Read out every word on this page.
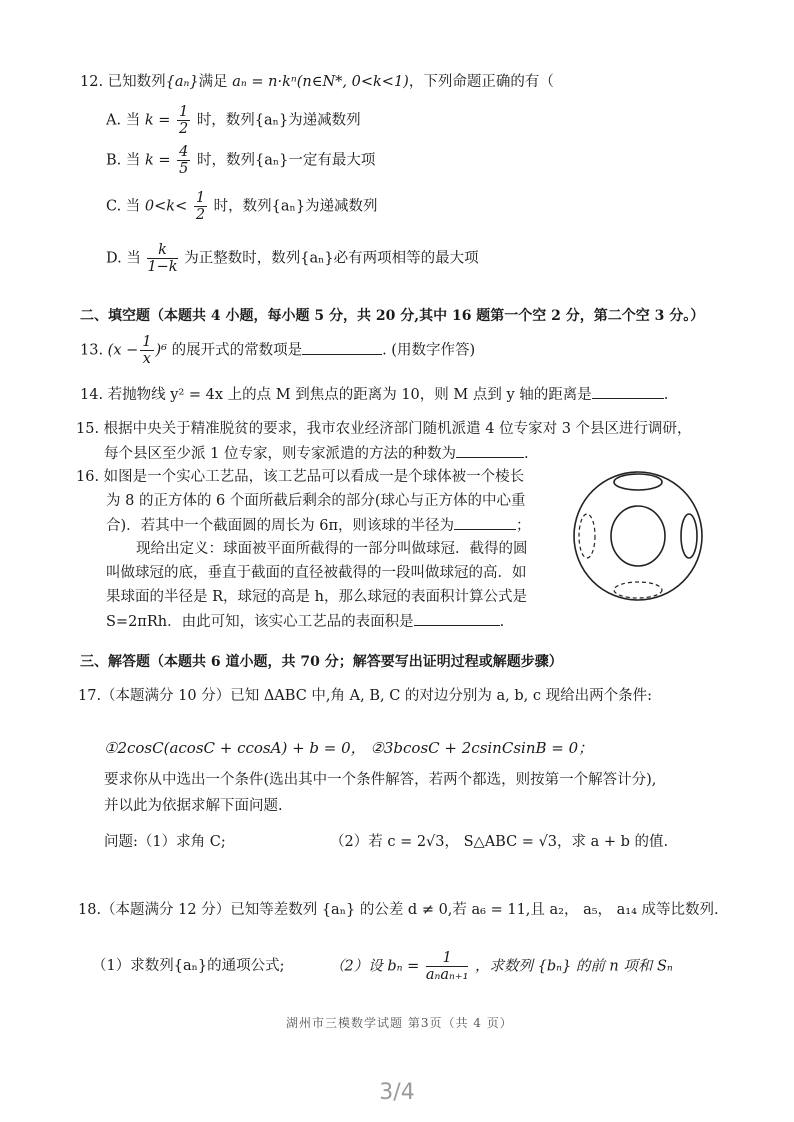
12. 已知数列{aₙ}满足 aₙ = n·kⁿ(n∈N*, 0<k<1)，下列命题正确的有（
A. 当 $k = \frac{1}{2}$ 时，数列{aₙ}为递减数列
B. 当 $k = \frac{4}{5}$ 时，数列{aₙ}一定有最大项
C. 当 $0<k< \frac{1}{2}$ 时，数列{aₙ}为递减数列
D. 当 $\frac{k}{1-k}$ 为正整数时，数列{aₙ}必有两项相等的最大项
二、填空题（本题共 4 小题，每小题 5 分，共 20 分,其中 16 题第一个空 2 分，第二个空 3 分。）
13. $(x - \frac{1}{x} )^6$ 的展开式的常数项是	. (用数字作答)
14. 若抛物线 y² = 4x 上的点 M 到焦点的距离为 10，则 M 点到 y 轴的距离是	.
15. 根据中央关于精准脱贫的要求，我市农业经济部门随机派遣 4 位专家对 3 个县区进行调研，
每个县区至少派 1 位专家，则专家派遣的方法的种数为	.
16. 如图是一个实心工艺品，该工艺品可以看成一是个球体被一个棱长
为 8 的正方体的 6 个面所截后剩余的部分(球心与正方体的中心重
合)．若其中一个截面圆的周长为 6π，则该球的半径为	；
现给出定义：球面被平面所截得的一部分叫做球冠．截得的圆
叫做球冠的底，垂直于截面的直径被截得的一段叫做球冠的高．如
果球面的半径是 R，球冠的高是 h，那么球冠的表面积计算公式是
S=2πRh．由此可知，该实心工艺品的表面积是	.
三、解答题（本题共 6 道小题，共 70 分；解答要写出证明过程或解题步骤）
17.（本题满分 10 分）已知 ΔABC 中,角 A, B, C 的对边分别为 a, b, c 现给出两个条件:
①2cosC(acosC + ccosA) + b = 0， ②3bcosC + 2csinCsinB = 0；
要求你从中选出一个条件(选出其中一个条件解答，若两个都选，则按第一个解答计分),
并以此为依据求解下面问题.
问题:（1）求角 C;	（2）若 c = 2√3， S△ABC = √3，求 a + b 的值.
18.（本题满分 12 分）已知等差数列 {aₙ} 的公差 d ≠ 0,若 a₆ = 11,且 a₂， a₅， a₁₄ 成等比数列.
（1）求数列{aₙ}的通项公式;	（2）设 $b_n = \frac{1}{\text{aₙaₙ₊₁}}$ ，求数列 {bₙ} 的前 n 项和 Sₙ
湖州市三模数学试题 第3页（共 4 页）
3/4
